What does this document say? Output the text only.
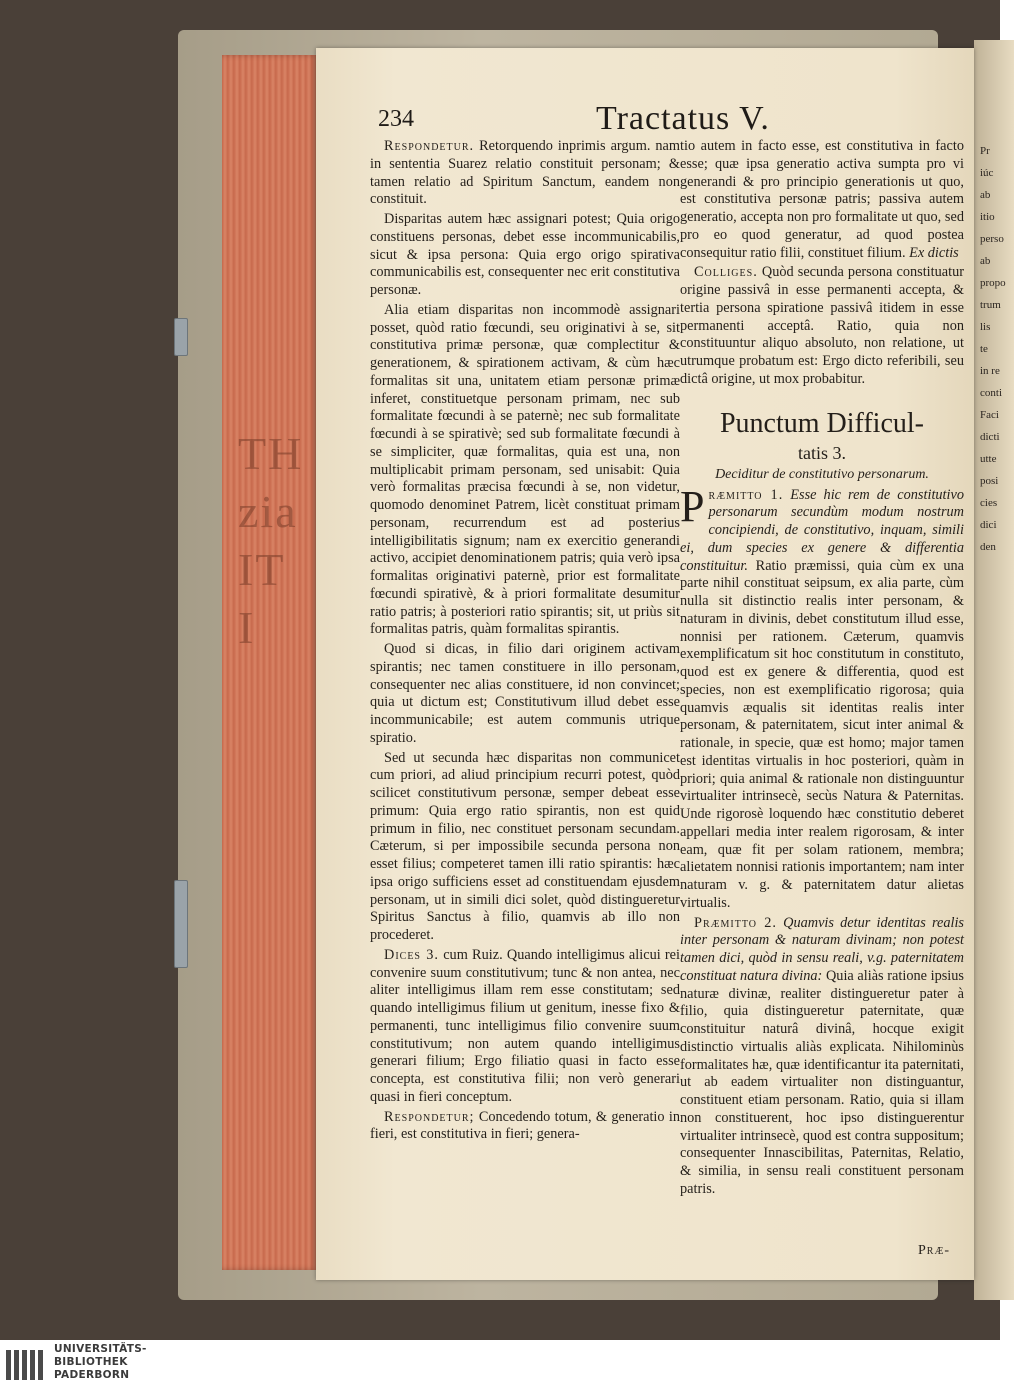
TH
zia
IT
I
Pr
iúc
ab
itio
perso
ab
propo
trum
lis te
in re
conti
Faci
dicti
utte
posi
cies
dici
den
234	Tractatus V.

Respondetur. Retorquendo inprimis argum. nam in sententia Suarez relatio constituit personam; & tamen relatio ad Spiritum Sanctum, eandem non constituit.

Disparitas autem hæc assignari potest; Quia origo constituens personas, debet esse incommunicabilis, sicut & ipsa persona: Quia ergo origo spirativa communicabilis est, consequenter nec erit constitutiva personæ.

Alia etiam disparitas non incommodè assignari posset, quòd ratio fœcundi, seu originativi à se, sit constitutiva primæ personæ, quæ complectitur & generationem, & spirationem activam, & cùm hæc formalitas sit una, unitatem etiam personæ primæ inferet, constituetque personam primam, nec sub formalitate fœcundi à se paternè; nec sub formalitate fœcundi à se spirativè; sed sub formalitate fœcundi à se simpliciter, quæ formalitas, quia est una, non multiplicabit primam personam, sed unisabit: Quia verò formalitas præcisa fœcundi à se, non videtur, quomodo denominet Patrem, licèt constituat primam personam, recurrendum est ad posterius intelligibilitatis signum; nam ex exercitio generandi activo, accipiet denominationem patris; quia verò ipsa formalitas originativi paternè, prior est formalitate fœcundi spirativè, & à priori formalitate desumitur ratio patris; à posteriori ratio spirantis; sit, ut priùs sit formalitas patris, quàm formalitas spirantis.

Quod si dicas, in filio dari originem activam spirantis; nec tamen constituere in illo personam, consequenter nec alias constituere, id non convincet; quia ut dictum est; Constitutivum illud debet esse incommunicabile; est autem communis utrique spiratio.

Sed ut secunda hæc disparitas non communicet cum priori, ad aliud principium recurri potest, quòd scilicet constitutivum personæ, semper debeat esse primum: Quia ergo ratio spirantis, non est quid primum in filio, nec constituet personam secundam. Cæterum, si per impossibile secunda persona non esset filius; competeret tamen illi ratio spirantis: hæc ipsa origo sufficiens esset ad constituendam ejusdem personam, ut in simili dici solet, quòd distingueretur Spiritus Sanctus à filio, quamvis ab illo non procederet.

Dices 3. cum Ruiz. Quando intelligimus alicui rei convenire suum constitutivum; tunc & non antea, nec aliter intelligimus illam rem esse constitutam; sed quando intelligimus filium ut genitum, inesse fixo & permanenti, tunc intelligimus filio convenire suum constitutivum; non autem quando intelligimus generari filium; Ergo filiatio quasi in facto esse concepta, est constitutiva filii; non verò generari quasi in fieri conceptum.

Respondetur; Concedendo totum, & generatio in fieri, est constitutiva in fieri; genera-

tio autem in facto esse, est constitutiva in facto esse; quæ ipsa generatio activa sumpta pro vi generandi & pro principio generationis ut quo, est constitutiva personæ patris; passiva autem generatio, accepta non pro formalitate ut quo, sed pro eo quod generatur, ad quod postea consequitur ratio filii, constituet filium. Ex dictis

Colliges. Quòd secunda persona constituatur origine passivâ in esse permanenti accepta, & tertia persona spiratione passivâ itidem in esse permanenti acceptâ. Ratio, quia non constituuntur aliquo absoluto, non relatione, ut utrumque probatum est: Ergo dicto referibili, seu dictâ origine, ut mox probabitur.

Punctum Difficul-
tatis 3.
Deciditur de constitutivo personarum.

Præmitto 1. Esse hic rem de constitutivo personarum secundùm modum nostrum concipiendi, de constitutivo, inquam, simili ei, dum species ex genere & differentia constituitur. Ratio præmissi, quia cùm ex una parte nihil constituat seipsum, ex alia parte, cùm nulla sit distinctio realis inter personam, & naturam in divinis, debet constitutum illud esse, nonnisi per rationem. Cæterum, quamvis exemplificatum sit hoc constitutum in constituto, quod est ex genere & differentia, quod est species, non est exemplificatio rigorosa; quia quamvis æqualis sit identitas realis inter personam, & paternitatem, sicut inter animal & rationale, in specie, quæ est homo; major tamen est identitas virtualis in hoc posteriori, quàm in priori; quia animal & rationale non distinguuntur virtualiter intrinsecè, secùs Natura & Paternitas. Unde rigorosè loquendo hæc constitutio deberet appellari media inter realem rigorosam, & inter eam, quæ fit per solam rationem, membra; alietatem nonnisi rationis importantem; nam inter naturam v. g. & paternitatem datur alietas virtualis.

Præmitto 2. Quamvis detur identitas realis inter personam & naturam divinam; non potest tamen dici, quòd in sensu reali, v.g. paternitatem constituat natura divina: Quia aliàs ratione ipsius naturæ divinæ, realiter distingueretur pater à filio, quia distingueretur paternitate, quæ constituitur naturâ divinâ, hocque exigit distinctio virtualis aliàs explicata. Nihilominùs formalitates hæ, quæ identificantur ita paternitati, ut ab eadem virtualiter non distinguantur, constituent etiam personam. Ratio, quia si illam non constituerent, hoc ipso distinguerentur virtualiter intrinsecè, quod est contra suppositum; consequenter Innascibilitas, Paternitas, Relatio, & similia, in sensu reali constituent personam patris.

Præ-
UNIVERSITÄTS-
BIBLIOTHEK
PADERBORN
